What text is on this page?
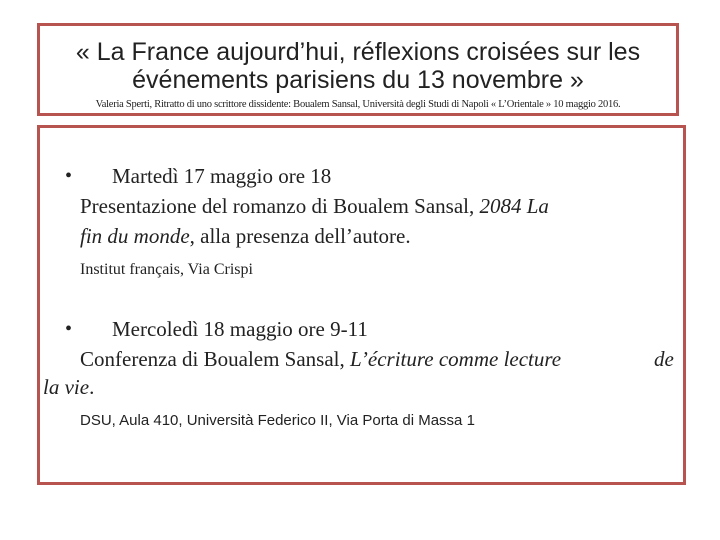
« La France aujourd’hui, réflexions croisées sur les
événements parisiens du 13 novembre »
Valeria Sperti, Ritratto di uno scrittore dissidente: Boualem Sansal, Università degli Studi di Napoli « L’Orientale » 10 maggio 2016.
• Martedì 17 maggio ore 18
Presentazione del romanzo di Boualem Sansal, 2084 La
fin du monde, alla presenza dell’autore.
Institut français, Via Crispi
• Mercoledì 18 maggio ore 9-11
Conferenza di Boualem Sansal, L’écriture comme lecture	de
la vie.
DSU, Aula 410, Università Federico II, Via Porta di Massa 1
